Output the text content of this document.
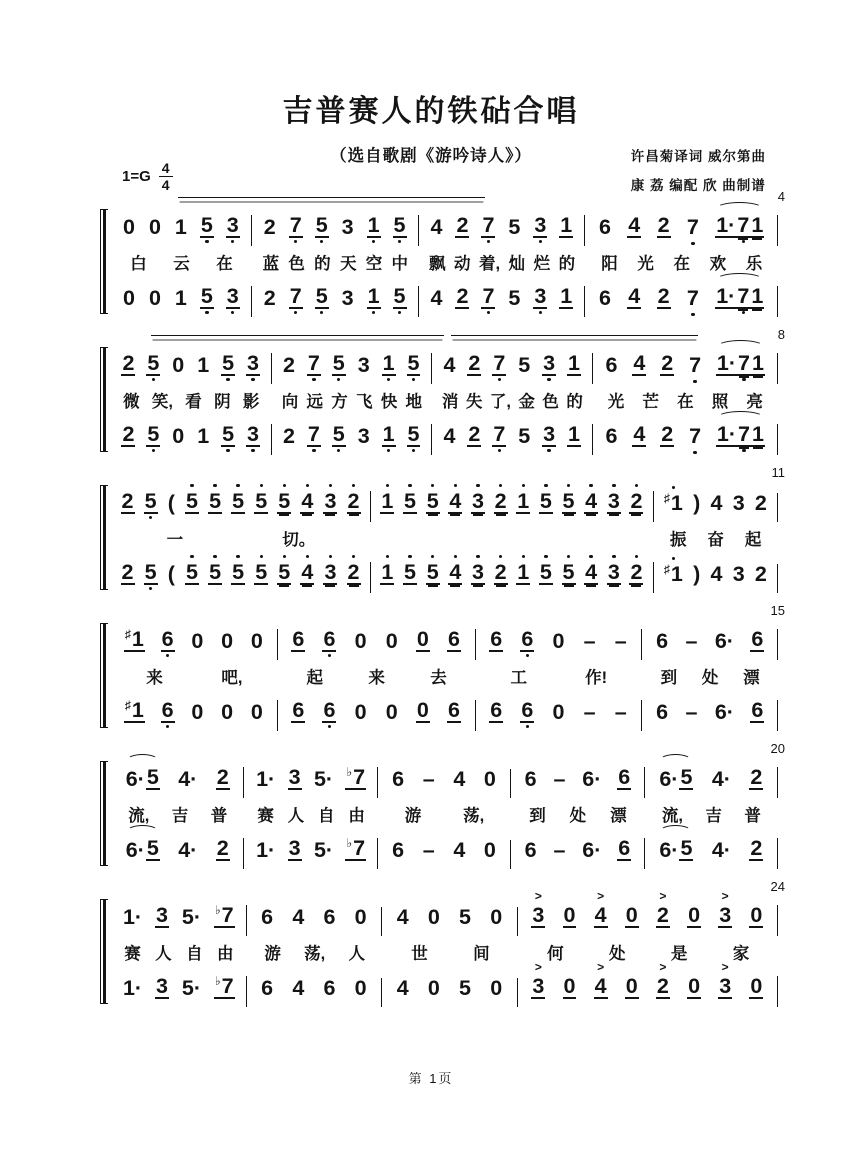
吉普赛人的铁砧合唱
（选自歌剧《游吟诗人》）
$1=G \frac{4}{4}$
许昌菊译词 威尔第曲
康 荔 编配 欣 曲制谱
4
0 0 1 5 3 2 7 5 3 1 5 4 2 7 5 3 1 6 4 2 7 1· 7 1
白 云 在 蓝 色 的 天 空 中 飘 动 着, 灿 烂 的 阳 光 在 欢 乐
0 0 1 5 3 2 7 5 3 1 5 4 2 7 5 3 1 6 4 2 7 1· 7 1
8
2 5 0 1 5 3 2 7 5 3 1 5 4 2 7 5 3 1 6 4 2 7 1· 7 1
微 笑, 看 阴 影 向 远 方 飞 快 地 消 失 了, 金 色 的 光 芒 在 照 亮
2 5 0 1 5 3 2 7 5 3 1 5 4 2 7 5 3 1 6 4 2 7 1· 7 1
11
2 5 ( 5 5 5 5 5 4 3 2 1 5 5 4 3 2 1 5 5 4 3 2 ♯1 ) 4 3 2
一	切。	振 奋 起
2 5 ( 5 5 5 5 5 4 3 2 1 5 5 4 3 2 1 5 5 4 3 2 ♯1 ) 4 3 2
15
♯1 6 0 0 0 6 6 0 0 0 6 6 6 0 – – 6 – 6· 6
来	吧,	起	来	去	工	作!	到 处 漂
♯1 6 0 0 0 6 6 0 0 0 6 6 6 0 – – 6 – 6· 6
20
6· 5 4· 2 1· 3 5· ♭7 6 – 4 0 6 – 6· 6 6· 5 4· 2
流, 吉 普 赛 人 自 由 游	荡,	到 处 漂 流, 吉 普
6· 5 4· 2 1· 3 5· ♭7 6 – 4 0 6 – 6· 6 6· 5 4· 2
24
1· 3 5· ♭7 6 4 6 0 4 0 5 0 > 3 0 > 4 0 > 2 0 > 3 0
赛 人 自 由 游 荡, 人	世	间	何	处	是	家
1· 3 5· ♭7 6 4 6 0 4 0 5 0 > 3 0 > 4 0 > 2 0 > 3 0
第 1页
